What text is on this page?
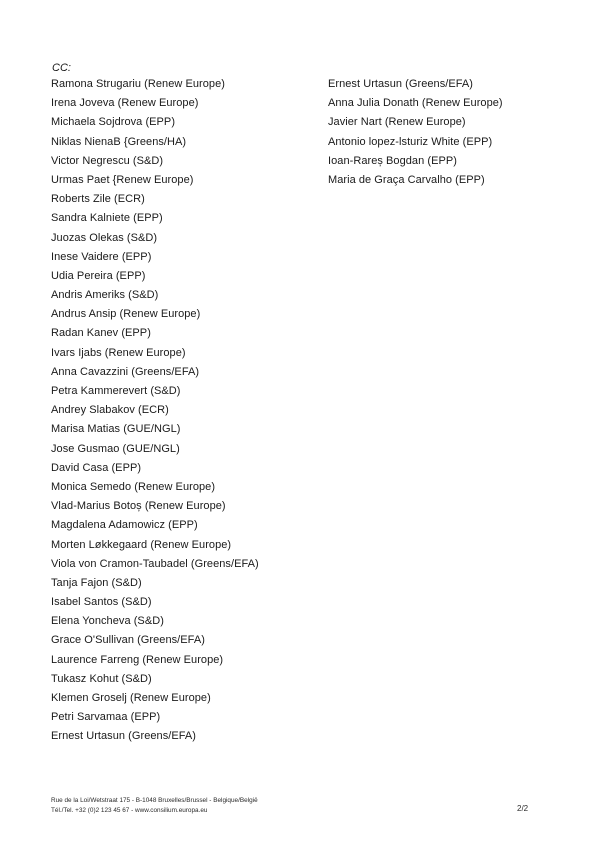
CC:
Ramona Strugariu (Renew Europe)
Irena Joveva (Renew Europe)
Michaela Sojdrova (EPP)
Niklas NienaB {Greens/HA)
Victor Negrescu (S&D)
Urmas Paet {Renew Europe)
Roberts Zile (ECR)
Sandra Kalniete (EPP)
Juozas Olekas (S&D)
Inese Vaidere (EPP)
Udia Pereira (EPP)
Andris Ameriks (S&D)
Andrus Ansip (Renew Europe)
Radan Kanev (EPP)
Ivars Ijabs (Renew Europe)
Anna Cavazzini (Greens/EFA)
Petra Kammerevert (S&D)
Andrey Slabakov (ECR)
Marisa Matias (GUE/NGL)
Jose Gusmao (GUE/NGL)
David Casa (EPP)
Monica Semedo (Renew Europe)
Vlad-Marius Botoș (Renew Europe)
Magdalena Adamowicz (EPP)
Morten Løkkegaard (Renew Europe)
Viola von Cramon-Taubadel (Greens/EFA)
Tanja Fajon (S&D)
Isabel Santos (S&D)
Elena Yoncheva (S&D)
Grace O'Sullivan (Greens/EFA)
Laurence Farreng (Renew Europe)
Tukasz Kohut (S&D)
Klemen Groselj (Renew Europe)
Petri Sarvamaa (EPP)
Ernest Urtasun (Greens/EFA)
Ernest Urtasun (Greens/EFA)
Anna Julia Donath (Renew Europe)
Javier Nart (Renew Europe)
Antonio lopez-lsturiz White (EPP)
Ioan-Rareș Bogdan (EPP)
Maria de Graça Carvalho (EPP)
Rue de la Loi/Wetstraat 175 - B-1048 Bruxelles/Brussel - Belgique/België
Tél./Tel. +32 (0)2 123 45 67 - www.consilium.europa.eu	2/2
